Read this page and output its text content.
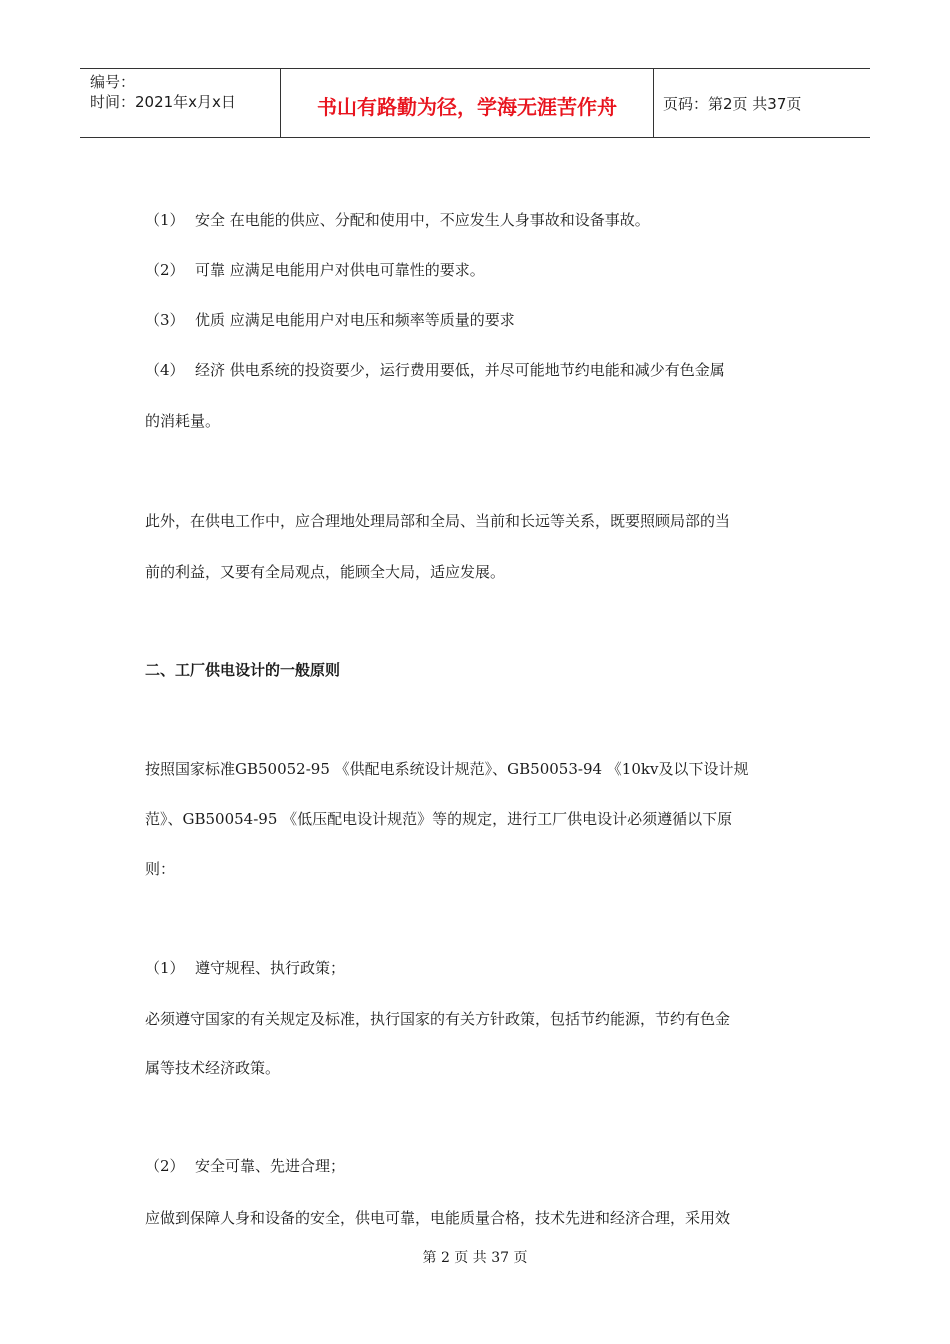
编号：
时间：2021年x月x日	书山有路勤为径，学海无涯苦作舟	页码：第2页 共37页
（1） 安全 在电能的供应、分配和使用中，不应发生人身事故和设备事故。
（2） 可靠 应满足电能用户对供电可靠性的要求。
（3） 优质 应满足电能用户对电压和频率等质量的要求
（4） 经济 供电系统的投资要少，运行费用要低，并尽可能地节约电能和减少有色金属
的消耗量。
此外，在供电工作中，应合理地处理局部和全局、当前和长远等关系，既要照顾局部的当
前的利益，又要有全局观点，能顾全大局，适应发展。
二、工厂供电设计的一般原则
按照国家标准GB50052-95 《供配电系统设计规范》、GB50053-94 《10kv及以下设计规
范》、GB50054-95 《低压配电设计规范》等的规定，进行工厂供电设计必须遵循以下原
则：
（1） 遵守规程、执行政策；
必须遵守国家的有关规定及标准，执行国家的有关方针政策，包括节约能源，节约有色金
属等技术经济政策。
（2） 安全可靠、先进合理；
应做到保障人身和设备的安全，供电可靠，电能质量合格，技术先进和经济合理，采用效
第 2 页 共 37 页
